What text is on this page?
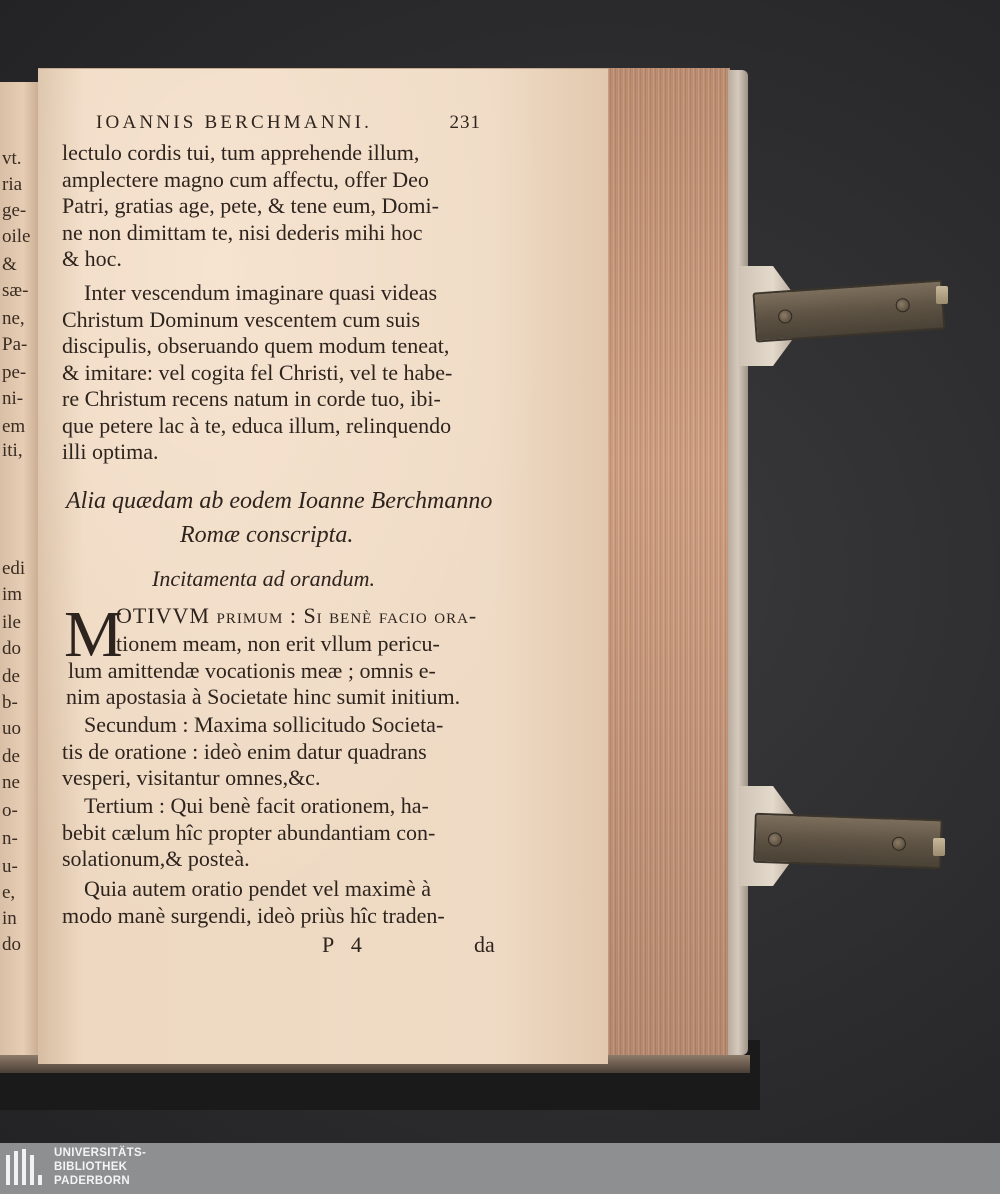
vt.
ria
ge-
oile
&
sæ-
ne,
Pa-
pe-
ni-
em
iti,
edi
im
ile
do
de
b-
uo
de
ne
o-
n-
u-
e,
in
do
IOANNIS BERCHMANNI.	231
Alia quædam ab eodem Ioanne Berchmanno
Romæ conscripta.
Incitamenta ad orandum.
M
OTIVVM primum : Si benè facio ora-
P 4	da
UNIVERSITÄTS-
BIBLIOTHEK
PADERBORN
lectulo cordis tui, tum apprehende illum,
amplectere magno cum affectu, offer Deo
Patri, gratias age, pete, & tene eum, Domi-
ne non dimittam te, nisi dederis mihi hoc
& hoc.
Inter vescendum imaginare quasi videas
Christum Dominum vescentem cum suis
discipulis, obseruando quem modum teneat,
& imitare: vel cogita fel Christi, vel te habe-
re Christum recens natum in corde tuo, ibi-
que petere lac à te, educa illum, relinquendo
illi optima.
tionem meam, non erit vllum pericu-
lum amittendæ vocationis meæ ; omnis e-
nim apostasia à Societate hinc sumit initium.
Secundum : Maxima sollicitudo Societa-
tis de oratione : ideò enim datur quadrans
vesperi, visitantur omnes,&c.
Tertium : Qui benè facit orationem, ha-
bebit cælum hîc propter abundantiam con-
solationum,& posteà.
Quia autem oratio pendet vel maximè à
modo manè surgendi, ideò priùs hîc traden-
